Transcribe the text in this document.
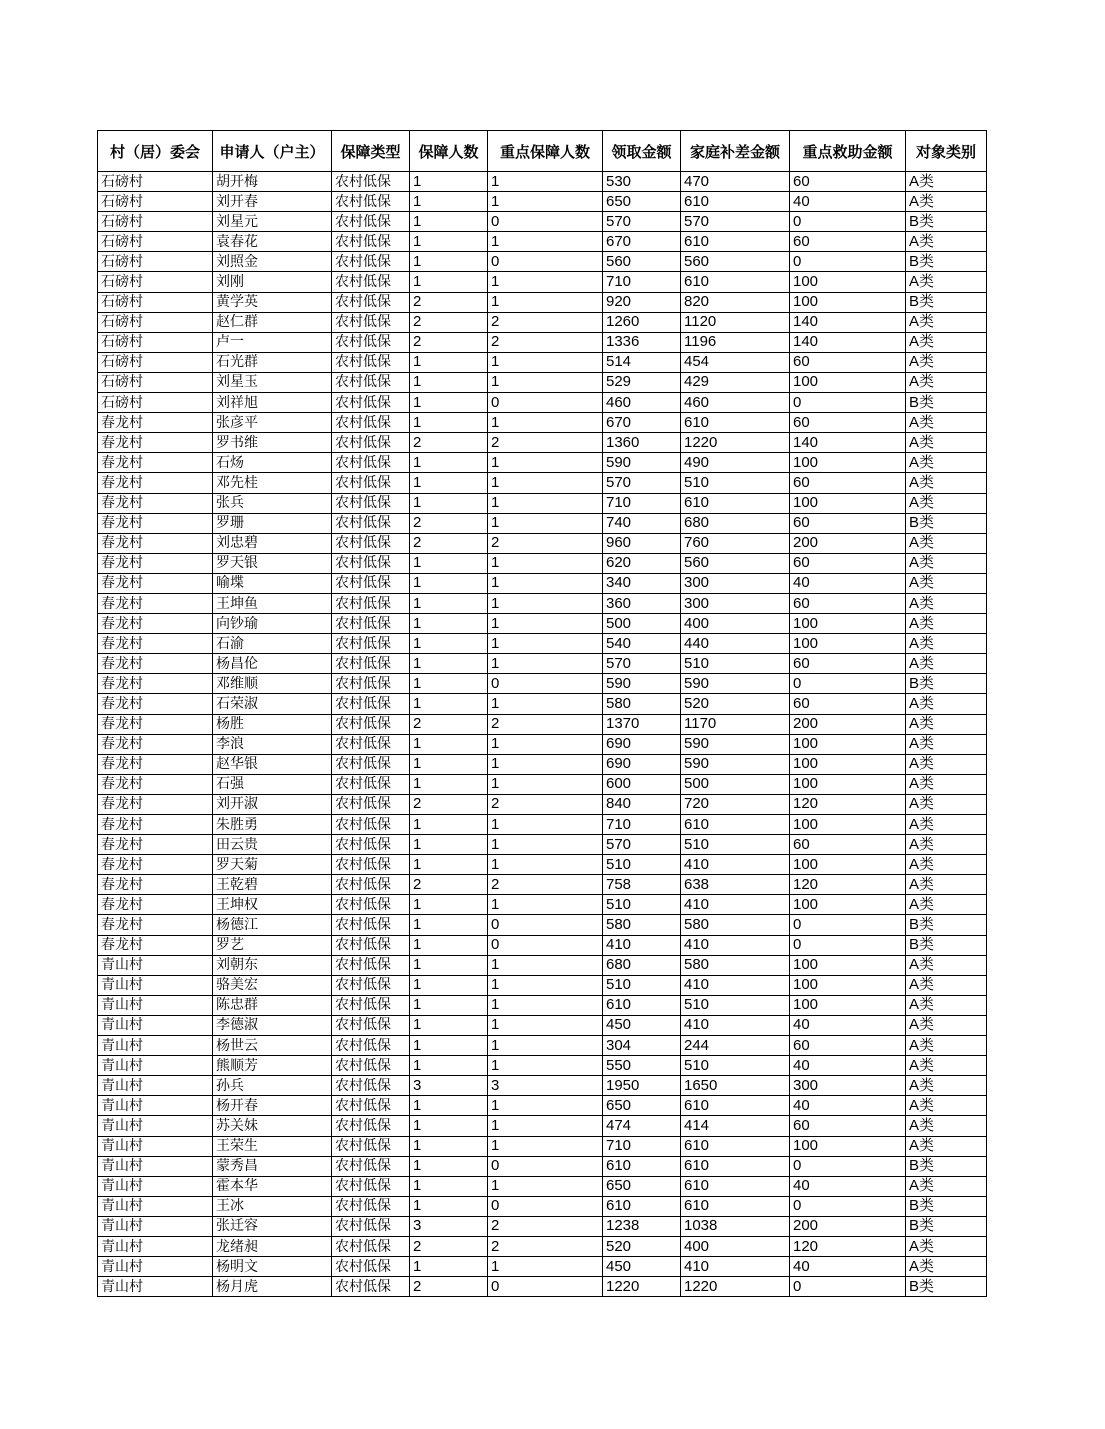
村（居）委会	申请人（户主）	保障类型	保障人数	重点保障人数	领取金额	家庭补差金额	重点救助金额	对象类别
石磅村	胡开梅	农村低保	1	1	530	470	60	A类
石磅村	刘开春	农村低保	1	1	650	610	40	A类
石磅村	刘星元	农村低保	1	0	570	570	0	B类
石磅村	袁春花	农村低保	1	1	670	610	60	A类
石磅村	刘照金	农村低保	1	0	560	560	0	B类
石磅村	刘刚	农村低保	1	1	710	610	100	A类
石磅村	黄学英	农村低保	2	1	920	820	100	B类
石磅村	赵仁群	农村低保	2	2	1260	1120	140	A类
石磅村	卢一	农村低保	2	2	1336	1196	140	A类
石磅村	石光群	农村低保	1	1	514	454	60	A类
石磅村	刘星玉	农村低保	1	1	529	429	100	A类
石磅村	刘祥旭	农村低保	1	0	460	460	0	B类
春龙村	张彦平	农村低保	1	1	670	610	60	A类
春龙村	罗书维	农村低保	2	2	1360	1220	140	A类
春龙村	石炀	农村低保	1	1	590	490	100	A类
春龙村	邓先桂	农村低保	1	1	570	510	60	A类
春龙村	张兵	农村低保	1	1	710	610	100	A类
春龙村	罗珊	农村低保	2	1	740	680	60	B类
春龙村	刘忠碧	农村低保	2	2	960	760	200	A类
春龙村	罗天银	农村低保	1	1	620	560	60	A类
春龙村	喻堞	农村低保	1	1	340	300	40	A类
春龙村	王坤鱼	农村低保	1	1	360	300	60	A类
春龙村	向钞瑜	农村低保	1	1	500	400	100	A类
春龙村	石渝	农村低保	1	1	540	440	100	A类
春龙村	杨昌伦	农村低保	1	1	570	510	60	A类
春龙村	邓维顺	农村低保	1	0	590	590	0	B类
春龙村	石荣淑	农村低保	1	1	580	520	60	A类
春龙村	杨胜	农村低保	2	2	1370	1170	200	A类
春龙村	李浪	农村低保	1	1	690	590	100	A类
春龙村	赵华银	农村低保	1	1	690	590	100	A类
春龙村	石强	农村低保	1	1	600	500	100	A类
春龙村	刘开淑	农村低保	2	2	840	720	120	A类
春龙村	朱胜勇	农村低保	1	1	710	610	100	A类
春龙村	田云贵	农村低保	1	1	570	510	60	A类
春龙村	罗天菊	农村低保	1	1	510	410	100	A类
春龙村	王乾碧	农村低保	2	2	758	638	120	A类
春龙村	王坤权	农村低保	1	1	510	410	100	A类
春龙村	杨德江	农村低保	1	0	580	580	0	B类
春龙村	罗艺	农村低保	1	0	410	410	0	B类
青山村	刘朝东	农村低保	1	1	680	580	100	A类
青山村	骆美宏	农村低保	1	1	510	410	100	A类
青山村	陈忠群	农村低保	1	1	610	510	100	A类
青山村	李德淑	农村低保	1	1	450	410	40	A类
青山村	杨世云	农村低保	1	1	304	244	60	A类
青山村	熊顺芳	农村低保	1	1	550	510	40	A类
青山村	孙兵	农村低保	3	3	1950	1650	300	A类
青山村	杨开春	农村低保	1	1	650	610	40	A类
青山村	苏关妹	农村低保	1	1	474	414	60	A类
青山村	王荣生	农村低保	1	1	710	610	100	A类
青山村	蒙秀昌	农村低保	1	0	610	610	0	B类
青山村	霍本华	农村低保	1	1	650	610	40	A类
青山村	王冰	农村低保	1	0	610	610	0	B类
青山村	张迁容	农村低保	3	2	1238	1038	200	B类
青山村	龙绪昶	农村低保	2	2	520	400	120	A类
青山村	杨明文	农村低保	1	1	450	410	40	A类
青山村	杨月虎	农村低保	2	0	1220	1220	0	B类
